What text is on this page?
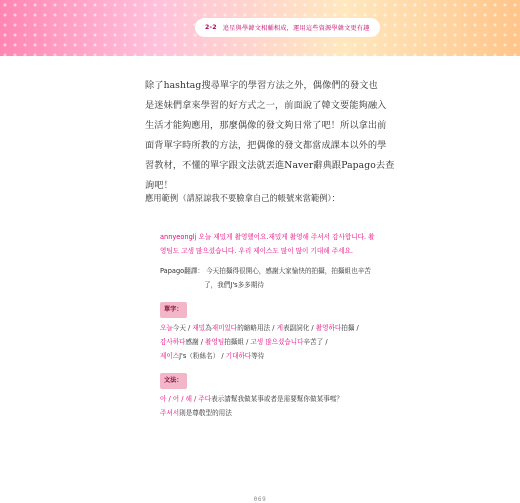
2-2 追星與學韓文相輔相成，運用這些資源學韓文更有趣

除了hashtag搜尋單字的學習方法之外，偶像們的發文也

是迷妹們拿來學習的好方式之一，前面說了韓文要能夠融入

生活才能夠應用，那麼偶像的發文夠日常了吧！所以拿出前

面背單字時所教的方法，把偶像的發文都當成課本以外的學

習教材，不懂的單字跟文法就丟進Naver辭典跟Papago去查

詢吧！

應用範例（請原諒我不要臉拿自己的帳號來當範例）：
annyeonglj 오늘 재밌게 촬영했어요.재밌게 촬영해 주셔서 감사합니다. 촬
영팀도 고생 많으셨습니다. 우리 제이스도 많이 많이 기대해 주세요.
Papago翻譯： 今天拍攝得很開心，感謝大家愉快的拍攝，拍攝組也辛苦
了，我們J's多多期待
單字：
오늘今天 / 재밌為재미있다的縮略用法 / 게表副詞化 / 촬영하다拍攝 /
감사하다感謝 / 촬영팀拍攝組 / 고생 많으셨습니다辛苦了 /
제이스J's（粉絲名） / 기대하다等待
文法：
아 / 어 / 해 / 주다表示請幫我做某事或者是需要幫你做某事嗎？
주셔서則是尊敬型的用法
069
